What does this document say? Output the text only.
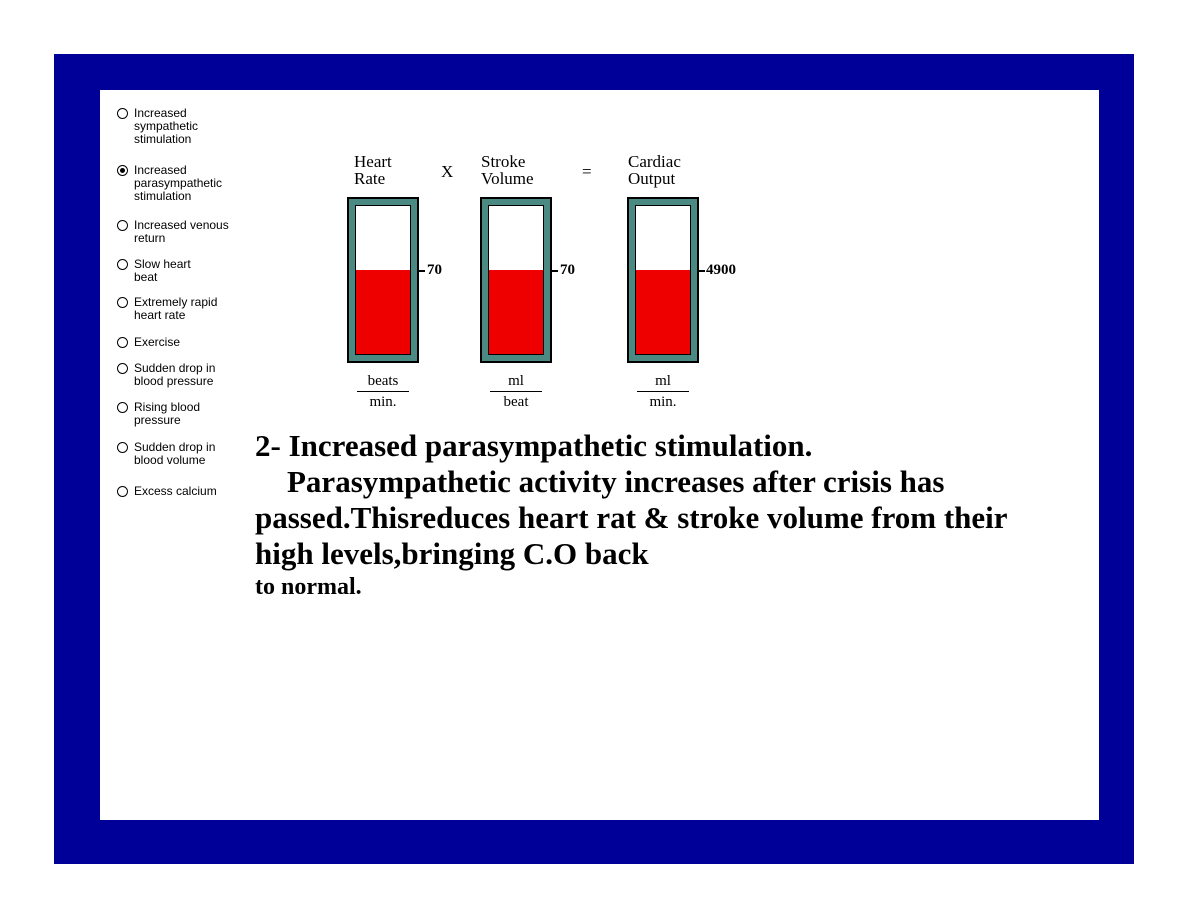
Increased
sympathetic
stimulation
Increased
parasympathetic
stimulation
Increased venous
return
Slow heart
beat
Extremely rapid
heart rate
Exercise
Sudden drop in
blood pressure
Rising blood
pressure
Sudden drop in
blood volume
Excess calcium
Heart
Rate	X
Stroke
Volume	=
Cardiac
Output
70	70	4900
beats
min.
ml
beat
ml
min.
2- Increased parasympathetic stimulation.
Parasympathetic activity increases after crisis has passed.Thisreduces heart rat & stroke volume from their high levels,bringing C.O back
to normal.
